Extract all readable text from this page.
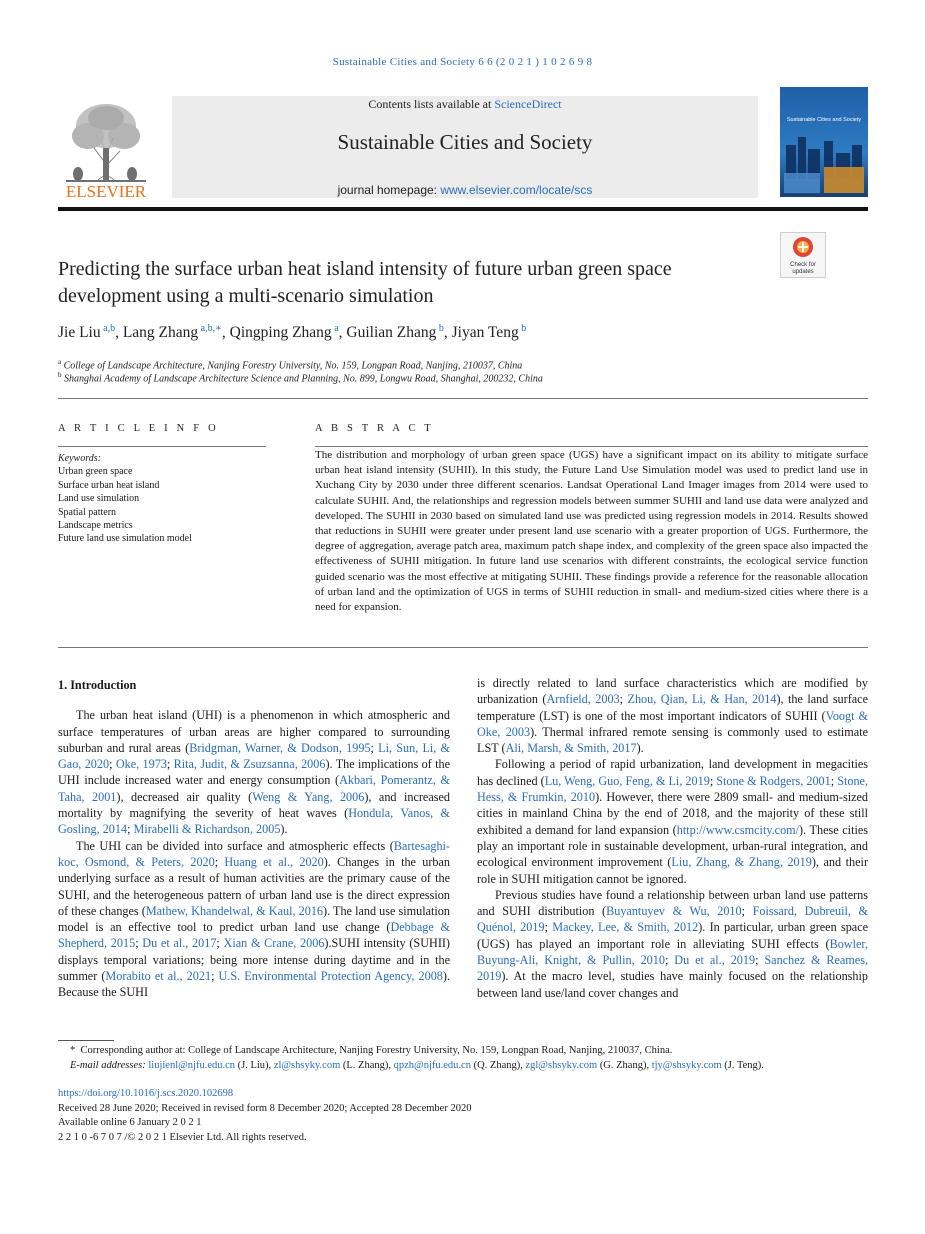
Sustainable Cities and Society 6 6 (2 0 2 1 ) 1 0 2 6 9 8
Contents lists available at ScienceDirect
Sustainable Cities and Society
journal homepage: www.elsevier.com/locate/scs
ELSEVIER
Sustainable Cities and Society
Check for
updates
Predicting the surface urban heat island intensity of future urban green space development using a multi-scenario simulation
Jie Liu $^{a,b}$, Lang Zhang $^{a,b,∗}$, Qingping Zhang $^a$, Guilian Zhang $^b$, Jiyan Teng $^b$
$^a$ College of Landscape Architecture, Nanjing Forestry University, No. 159, Longpan Road, Nanjing, 210037, China
$^b$ Shanghai Academy of Landscape Architecture Science and Planning, No. 899, Longwu Road, Shanghai, 200232, China
A R T I C L E I N F O	A B S T R A C T
Keywords:
Urban green space
Surface urban heat island
Land use simulation
Spatial pattern
Landscape metrics
Future land use simulation model
The distribution and morphology of urban green space (UGS) have a significant impact on its ability to mitigate surface urban heat island intensity (SUHII). In this study, the Future Land Use Simulation model was used to predict land use in Xuchang City by 2030 under three different scenarios. Landsat Operational Land Imager images from 2014 were used to calculate SUHII. And, the relationships and regression models between summer SUHII and land use data were analyzed and developed. The SUHII in 2030 based on simulated land use was predicted using regression models in 2014. Results showed that reductions in SUHII were greater under present land use scenario with a greater proportion of UGS. Furthermore, the degree of aggregation, average patch area, maximum patch shape index, and complexity of the green space also impacted the effectiveness of SUHII mitigation. In future land use scenarios with different constraints, the ecological service function guided scenario was the most effective at mitigating SUHII. These findings provide a reference for the reasonable allocation of urban land and the optimization of UGS in terms of SUHII reduction in small- and medium-sized cities where there is a need for expansion.

1. Introduction

The urban heat island (UHI) is a phenomenon in which atmospheric and surface temperatures of urban areas are higher compared to surrounding suburban and rural areas (Bridgman, Warner, & Dodson, 1995; Li, Sun, Li, & Gao, 2020; Oke, 1973; Rita, Judit, & Zsuzsanna, 2006). The implications of the UHI include increased water and energy consumption (Akbari, Pomerantz, & Taha, 2001), decreased air quality (Weng & Yang, 2006), and increased mortality by magnifying the severity of heat waves (Hondula, Vanos, & Gosling, 2014; Mirabelli & Richardson, 2005).

The UHI can be divided into surface and atmospheric effects (Bartesaghi-koc, Osmond, & Peters, 2020; Huang et al., 2020). Changes in the urban underlying surface as a result of human activities are the primary cause of the SUHI, and the heterogeneous pattern of urban land use is the direct expression of these changes (Mathew, Khandelwal, & Kaul, 2016). The land use simulation model is an effective tool to predict urban land use change (Debbage & Shepherd, 2015; Du et al., 2017; Xian & Crane, 2006).SUHI intensity (SUHII) displays temporal variations; being more intense during daytime and in the summer (Morabito et al., 2021; U.S. Environmental Protection Agency, 2008). Because the SUHI

is directly related to land surface characteristics which are modified by urbanization (Arnfield, 2003; Zhou, Qian, Li, & Han, 2014), the land surface temperature (LST) is one of the most important indicators of SUHII (Voogt & Oke, 2003). Thermal infrared remote sensing is commonly used to estimate LST (Ali, Marsh, & Smith, 2017).

Following a period of rapid urbanization, land development in megacities has declined (Lu, Weng, Guo, Feng, & Li, 2019; Stone & Rodgers, 2001; Stone, Hess, & Frumkin, 2010). However, there were 2809 small- and medium-sized cities in mainland China by the end of 2018, and the majority of these still exhibited a demand for land expansion (http://www.csmcity.com/). These cities play an important role in sustainable development, urban-rural integration, and ecological environment improvement (Liu, Zhang, & Zhang, 2019), and their role in SUHI mitigation cannot be ignored.

Previous studies have found a relationship between urban land use patterns and SUHI distribution (Buyantuyev & Wu, 2010; Foissard, Dubreuil, & Quénol, 2019; Mackey, Lee, & Smith, 2012). In particular, urban green space (UGS) has played an important role in alleviating SUHI effects (Bowler, Buyung-Ali, Knight, & Pullin, 2010; Du et al., 2019; Sanchez & Reames, 2019). At the macro level, studies have mainly focused on the relationship between land use/land cover changes and

* Corresponding author at: College of Landscape Architecture, Nanjing Forestry University, No. 159, Longpan Road, Nanjing, 210037, China.
E-mail addresses: liujienl@njfu.edu.cn (J. Liu), zl@shsyky.com (L. Zhang), qpzh@njfu.edu.cn (Q. Zhang), zgl@shsyky.com (G. Zhang), tjy@shsyky.com (J. Teng).
https://doi.org/10.1016/j.scs.2020.102698
Received 28 June 2020; Received in revised form 8 December 2020; Accepted 28 December 2020
Available online 6 January 2 0 2 1
2 2 1 0 -6 7 0 7 /© 2 0 2 1 Elsevier Ltd. All rights reserved.
